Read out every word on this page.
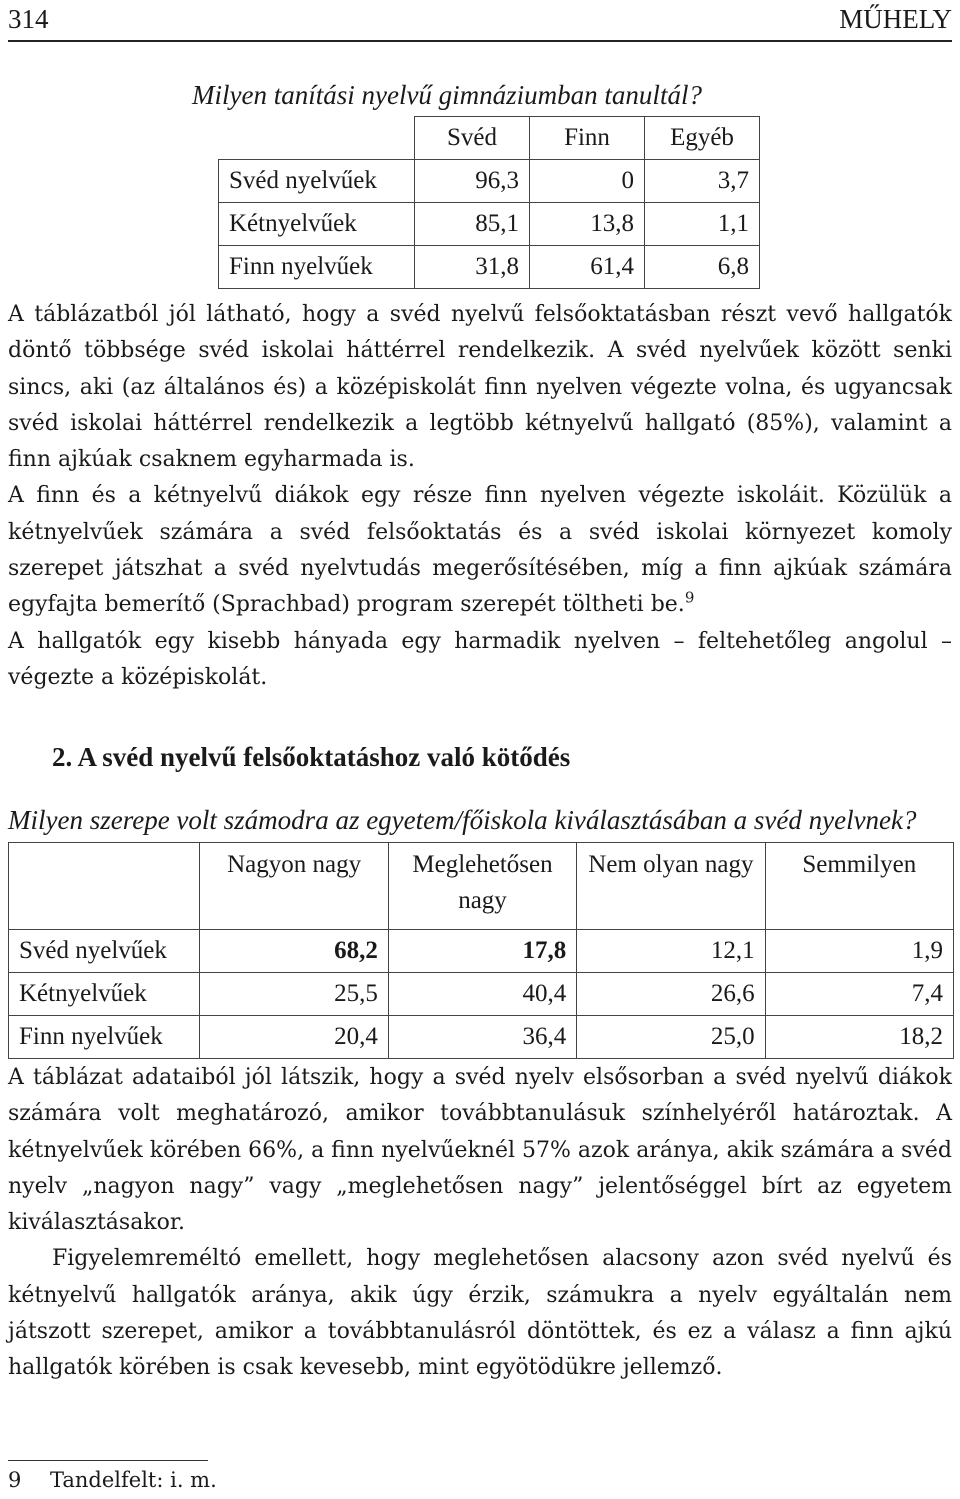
314	MŰHELY
Milyen tanítási nyelvű gimnáziumban tanultál?
	Svéd	Finn	Egyéb
Svéd nyelvűek	96,3	0	3,7
Kétnyelvűek	85,1	13,8	1,1
Finn nyelvűek	31,8	61,4	6,8

A táblázatból jól látható, hogy a svéd nyelvű felsőoktatásban részt vevő hallgatók döntő többsége svéd iskolai háttérrel rendelkezik. A svéd nyelvűek között senki sincs, aki (az általános és) a középiskolát finn nyelven végezte volna, és ugyancsak svéd iskolai háttérrel rendelkezik a legtöbb kétnyelvű hallgató (85%), valamint a finn ajkúak csaknem egyharmada is.

A finn és a kétnyelvű diákok egy része finn nyelven végezte iskoláit. Közülük a kétnyelvűek számára a svéd felsőoktatás és a svéd iskolai környezet komoly szerepet játszhat a svéd nyelvtudás megerősítésében, míg a finn ajkúak számára egyfajta bemerítő (Sprachbad) program szerepét töltheti be.$^9$

A hallgatók egy kisebb hányada egy harmadik nyelven – feltehetőleg angolul – végezte a középiskolát.

2. A svéd nyelvű felsőoktatáshoz való kötődés
Milyen szerepe volt számodra az egyetem/főiskola kiválasztásában a svéd nyelvnek?
	Nagyon nagy	Meglehetősen nagy	Nem olyan nagy	Semmilyen
Svéd nyelvűek	68,2	17,8	12,1	1,9
Kétnyelvűek	25,5	40,4	26,6	7,4
Finn nyelvűek	20,4	36,4	25,0	18,2

A táblázat adataiból jól látszik, hogy a svéd nyelv elsősorban a svéd nyelvű diákok számára volt meghatározó, amikor továbbtanulásuk színhelyéről határoztak. A kétnyelvűek körében 66%, a finn nyelvűeknél 57% azok aránya, akik számára a svéd nyelv „nagyon nagy” vagy „meglehetősen nagy” jelentőséggel bírt az egyetem kiválasztásakor.

Figyelemreméltó emellett, hogy meglehetősen alacsony azon svéd nyelvű és kétnyelvű hallgatók aránya, akik úgy érzik, számukra a nyelv egyáltalán nem játszott szerepet, amikor a továbbtanulásról döntöttek, és ez a válasz a finn ajkú hallgatók körében is csak kevesebb, mint egyötödükre jellemző.

9 Tandelfelt: i. m.
